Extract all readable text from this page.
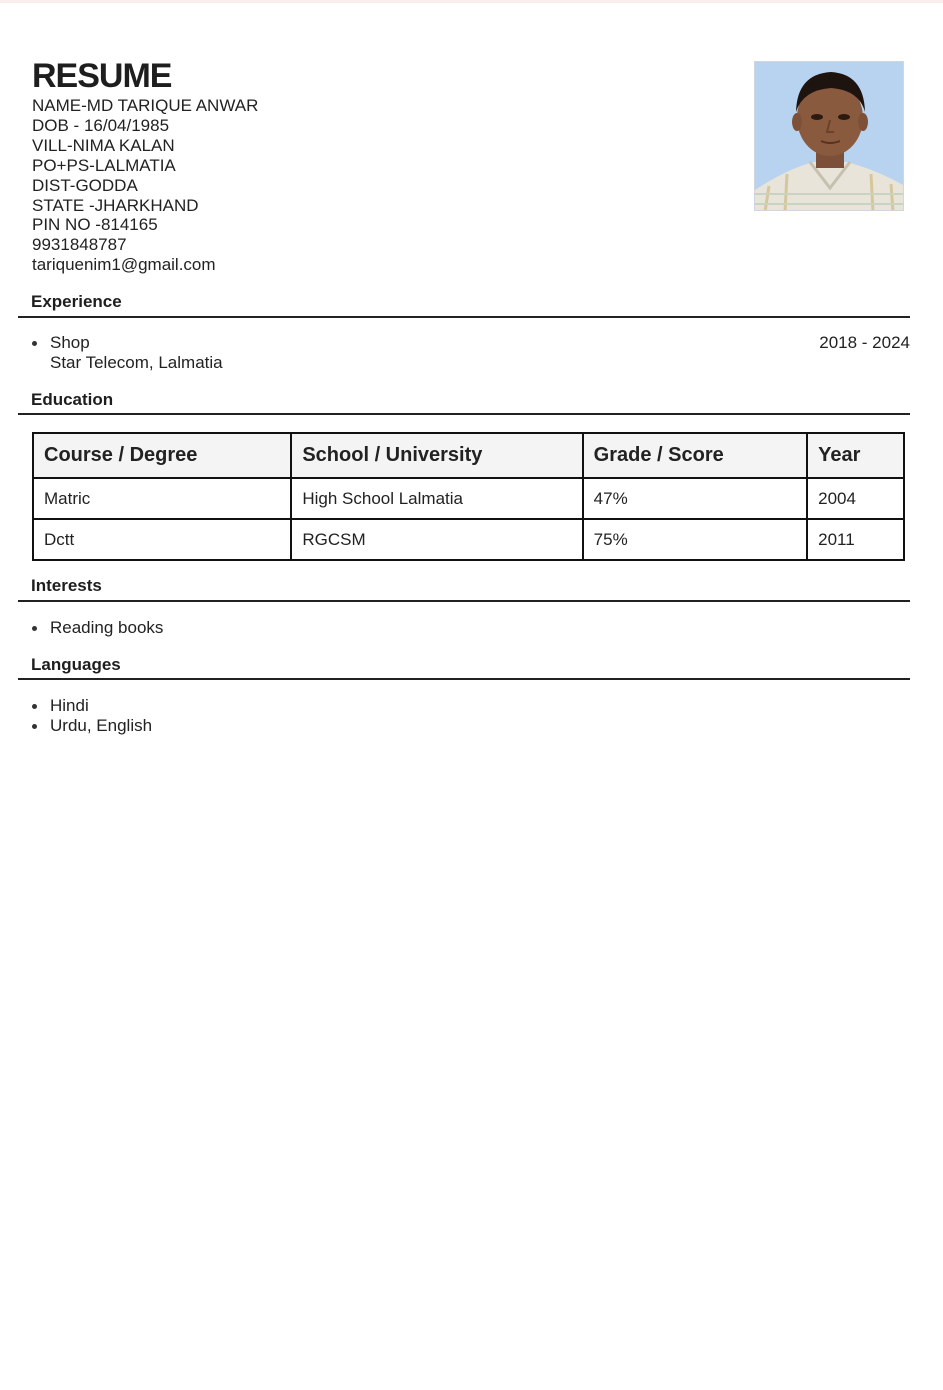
RESUME
NAME-MD TARIQUE ANWAR
DOB - 16/04/1985
VILL-NIMA KALAN
PO+PS-LALMATIA
DIST-GODDA
STATE -JHARKHAND
PIN NO -814165
9931848787
tariquenim1@gmail.com
Experience
Shop
Star Telecom, Lalmatia
2018 - 2024
Education
Course / Degree	School / University	Grade / Score	Year
Matric	High School Lalmatia	47%	2004
Dctt	RGCSM	75%	2011
Interests
Reading books
Languages
Hindi
Urdu, English
